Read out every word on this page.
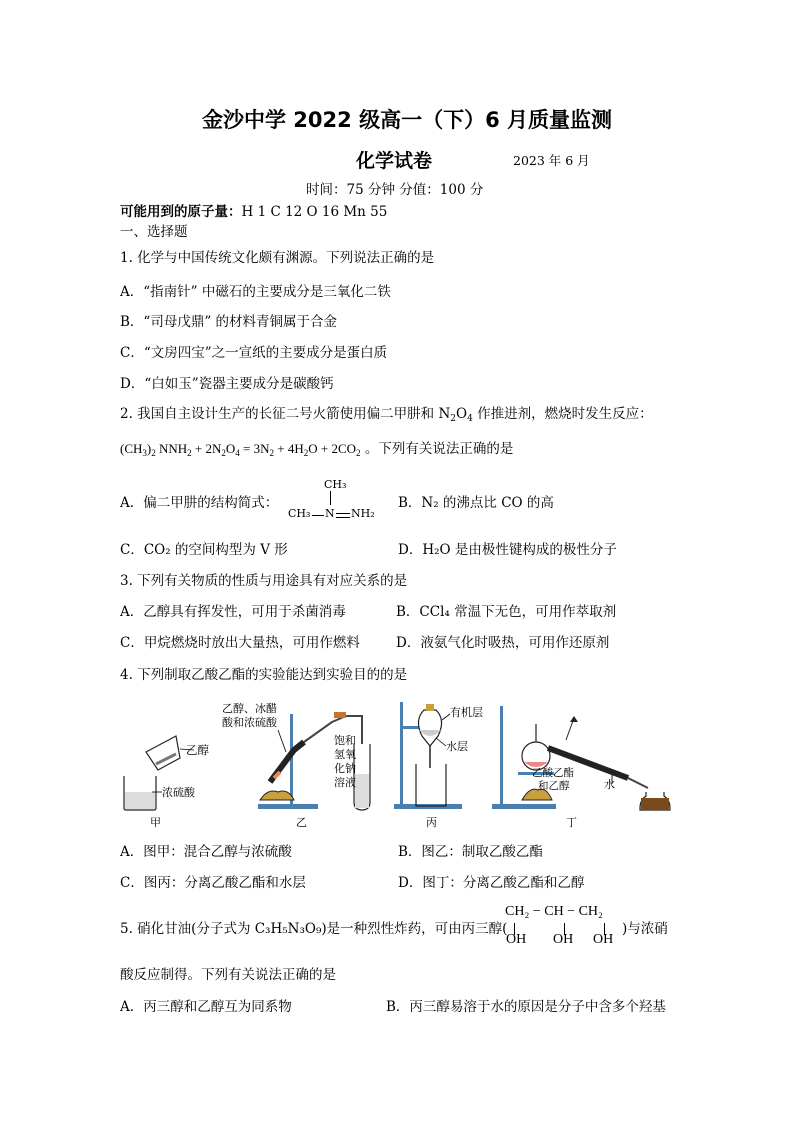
金沙中学 2022 级高一（下）6 月质量监测
化学试卷	2023 年 6 月
时间：75 分钟 分值：100 分
可能用到的原子量：H 1 C 12 O 16 Mn 55
一、选择题
1. 化学与中国传统文化颇有渊源。下列说法正确的是
A．“指南针” 中磁石的主要成分是三氧化二铁
B．“司母戊鼎” 的材料青铜属于合金
C．“文房四宝”之一宣纸的主要成分是蛋白质
D．“白如玉”瓷器主要成分是碳酸钙
2. 我国自主设计生产的长征二号火箭使用偏二甲肼和 $N_2O_4$ 作推进剂，燃烧时发生反应：
$(CH_3)_2$ $NNH_2 + 2N_2O_4 = 3N_2 + 4H_2O + 2CO_2$ 。下列有关说法正确的是
A．偏二甲肼的结构简式：
CH₃
CH₃ N NH₂
B．N₂ 的沸点比 CO 的高
C．CO₂ 的空间构型为 V 形	D．H₂O 是由极性键构成的极性分子
3. 下列有关物质的性质与用途具有对应关系的是
A．乙醇具有挥发性，可用于杀菌消毒	B．CCl₄ 常温下无色，可用作萃取剂
C．甲烷燃烧时放出大量热，可用作燃料	D．液氨气化时吸热，可用作还原剂
4. 下列制取乙酸乙酯的实验能达到实验目的的是
乙醇
浓硫酸
甲
乙醇、冰醋
酸和浓硫酸
饱和
氢氧
化钠
溶液
乙
有机层
水层
丙
乙酸乙酯
和乙醇	水
丁
A．图甲：混合乙醇与浓硫酸	B．图乙：制取乙酸乙酯
C．图丙：分离乙酸乙酯和水层	D．图丁：分离乙酸乙酯和乙醇
5. 硝化甘油(分子式为 C₃H₅N₃O₉)是一种烈性炸药，可由丙三醇(
CH₂ − CH − CH₂
OH OH OH
)与浓硝
酸反应制得。下列有关说法正确的是
A．丙三醇和乙醇互为同系物	B．丙三醇易溶于水的原因是分子中含多个羟基
